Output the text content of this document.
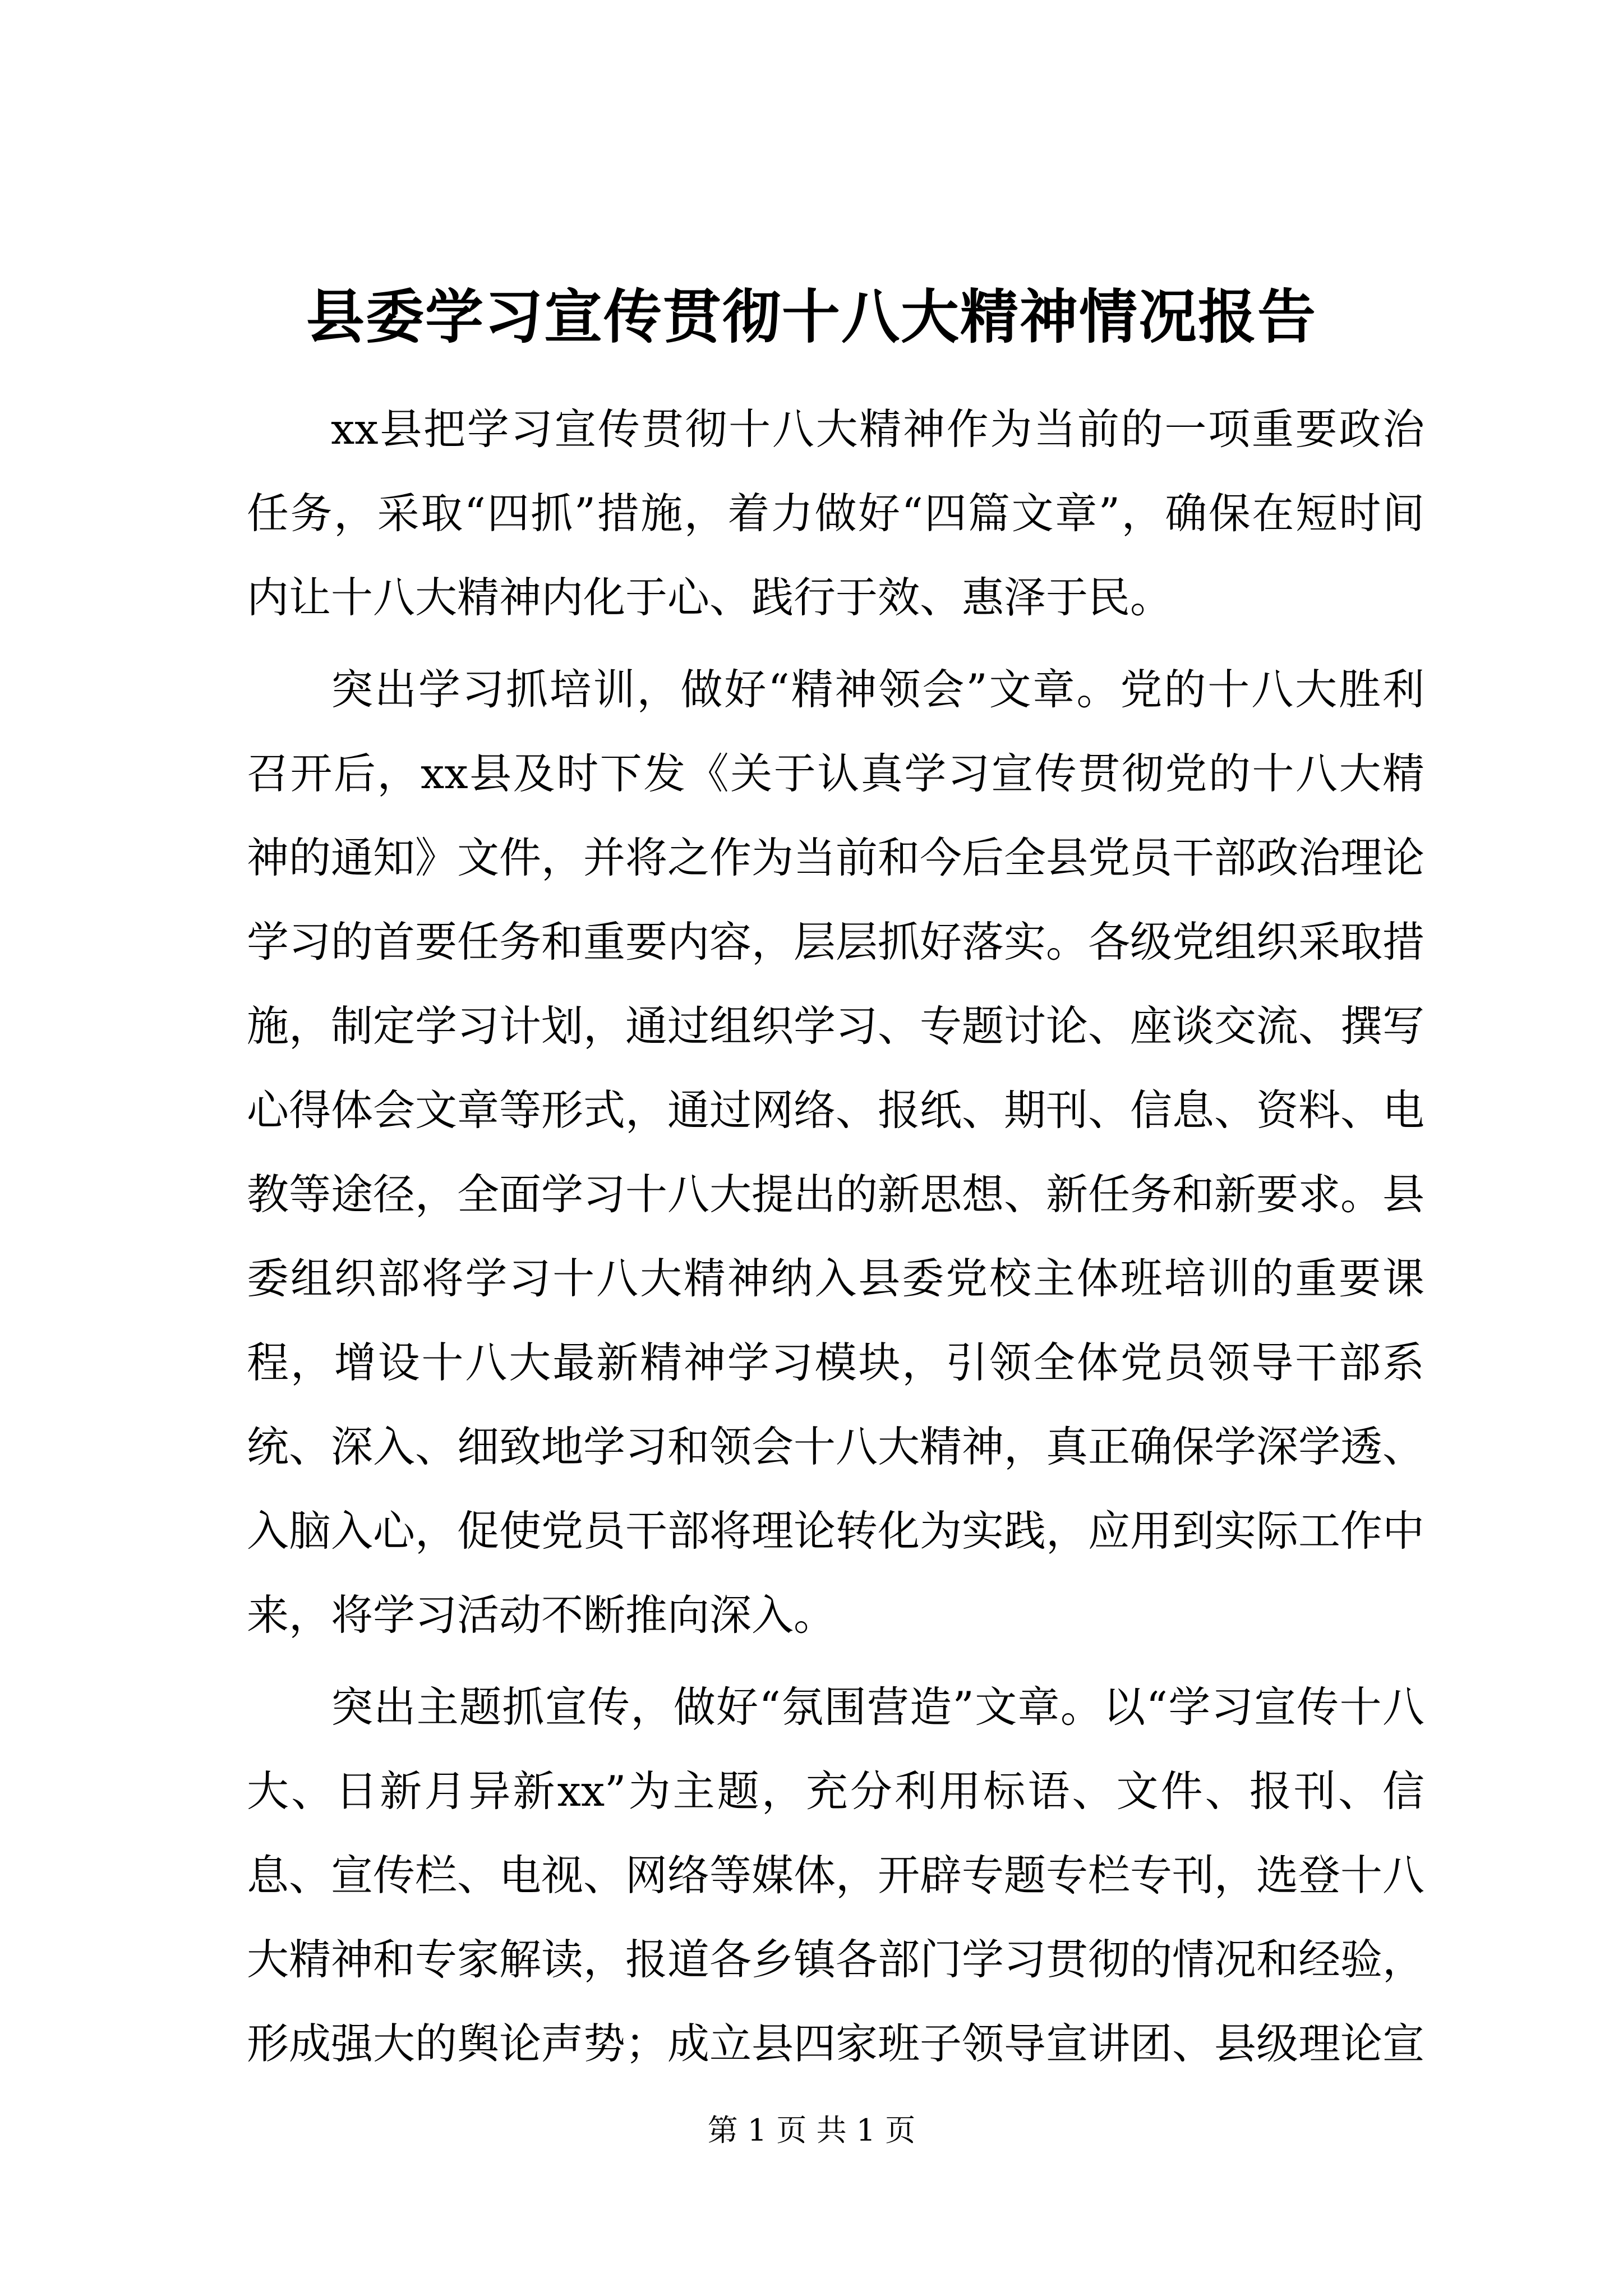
县委学习宣传贯彻十八大精神情况报告

xx县把学习宣传贯彻十八大精神作为当前的一项重要政治任务，采取“四抓”措施，着力做好“四篇文章”，确保在短时间内让十八大精神内化于心、践行于效、惠泽于民。

突出学习抓培训，做好“精神领会”文章。党的十八大胜利召开后，xx县及时下发《关于认真学习宣传贯彻党的十八大精神的通知》文件，并将之作为当前和今后全县党员干部政治理论学习的首要任务和重要内容，层层抓好落实。各级党组织采取措施，制定学习计划，通过组织学习、专题讨论、座谈交流、撰写心得体会文章等形式，通过网络、报纸、期刊、信息、资料、电教等途径，全面学习十八大提出的新思想、新任务和新要求。县委组织部将学习十八大精神纳入县委党校主体班培训的重要课程，增设十八大最新精神学习模块，引领全体党员领导干部系统、深入、细致地学习和领会十八大精神，真正确保学深学透、入脑入心，促使党员干部将理论转化为实践，应用到实际工作中来，将学习活动不断推向深入。

突出主题抓宣传，做好“氛围营造”文章。以“学习宣传十八大、日新月异新xx”为主题，充分利用标语、文件、报刊、信息、宣传栏、电视、网络等媒体，开辟专题专栏专刊，选登十八大精神和专家解读，报道各乡镇各部门学习贯彻的情况和经验，形成强大的舆论声势；成立县四家班子领导宣讲团、县级理论宣

第 1 页 共 1 页
